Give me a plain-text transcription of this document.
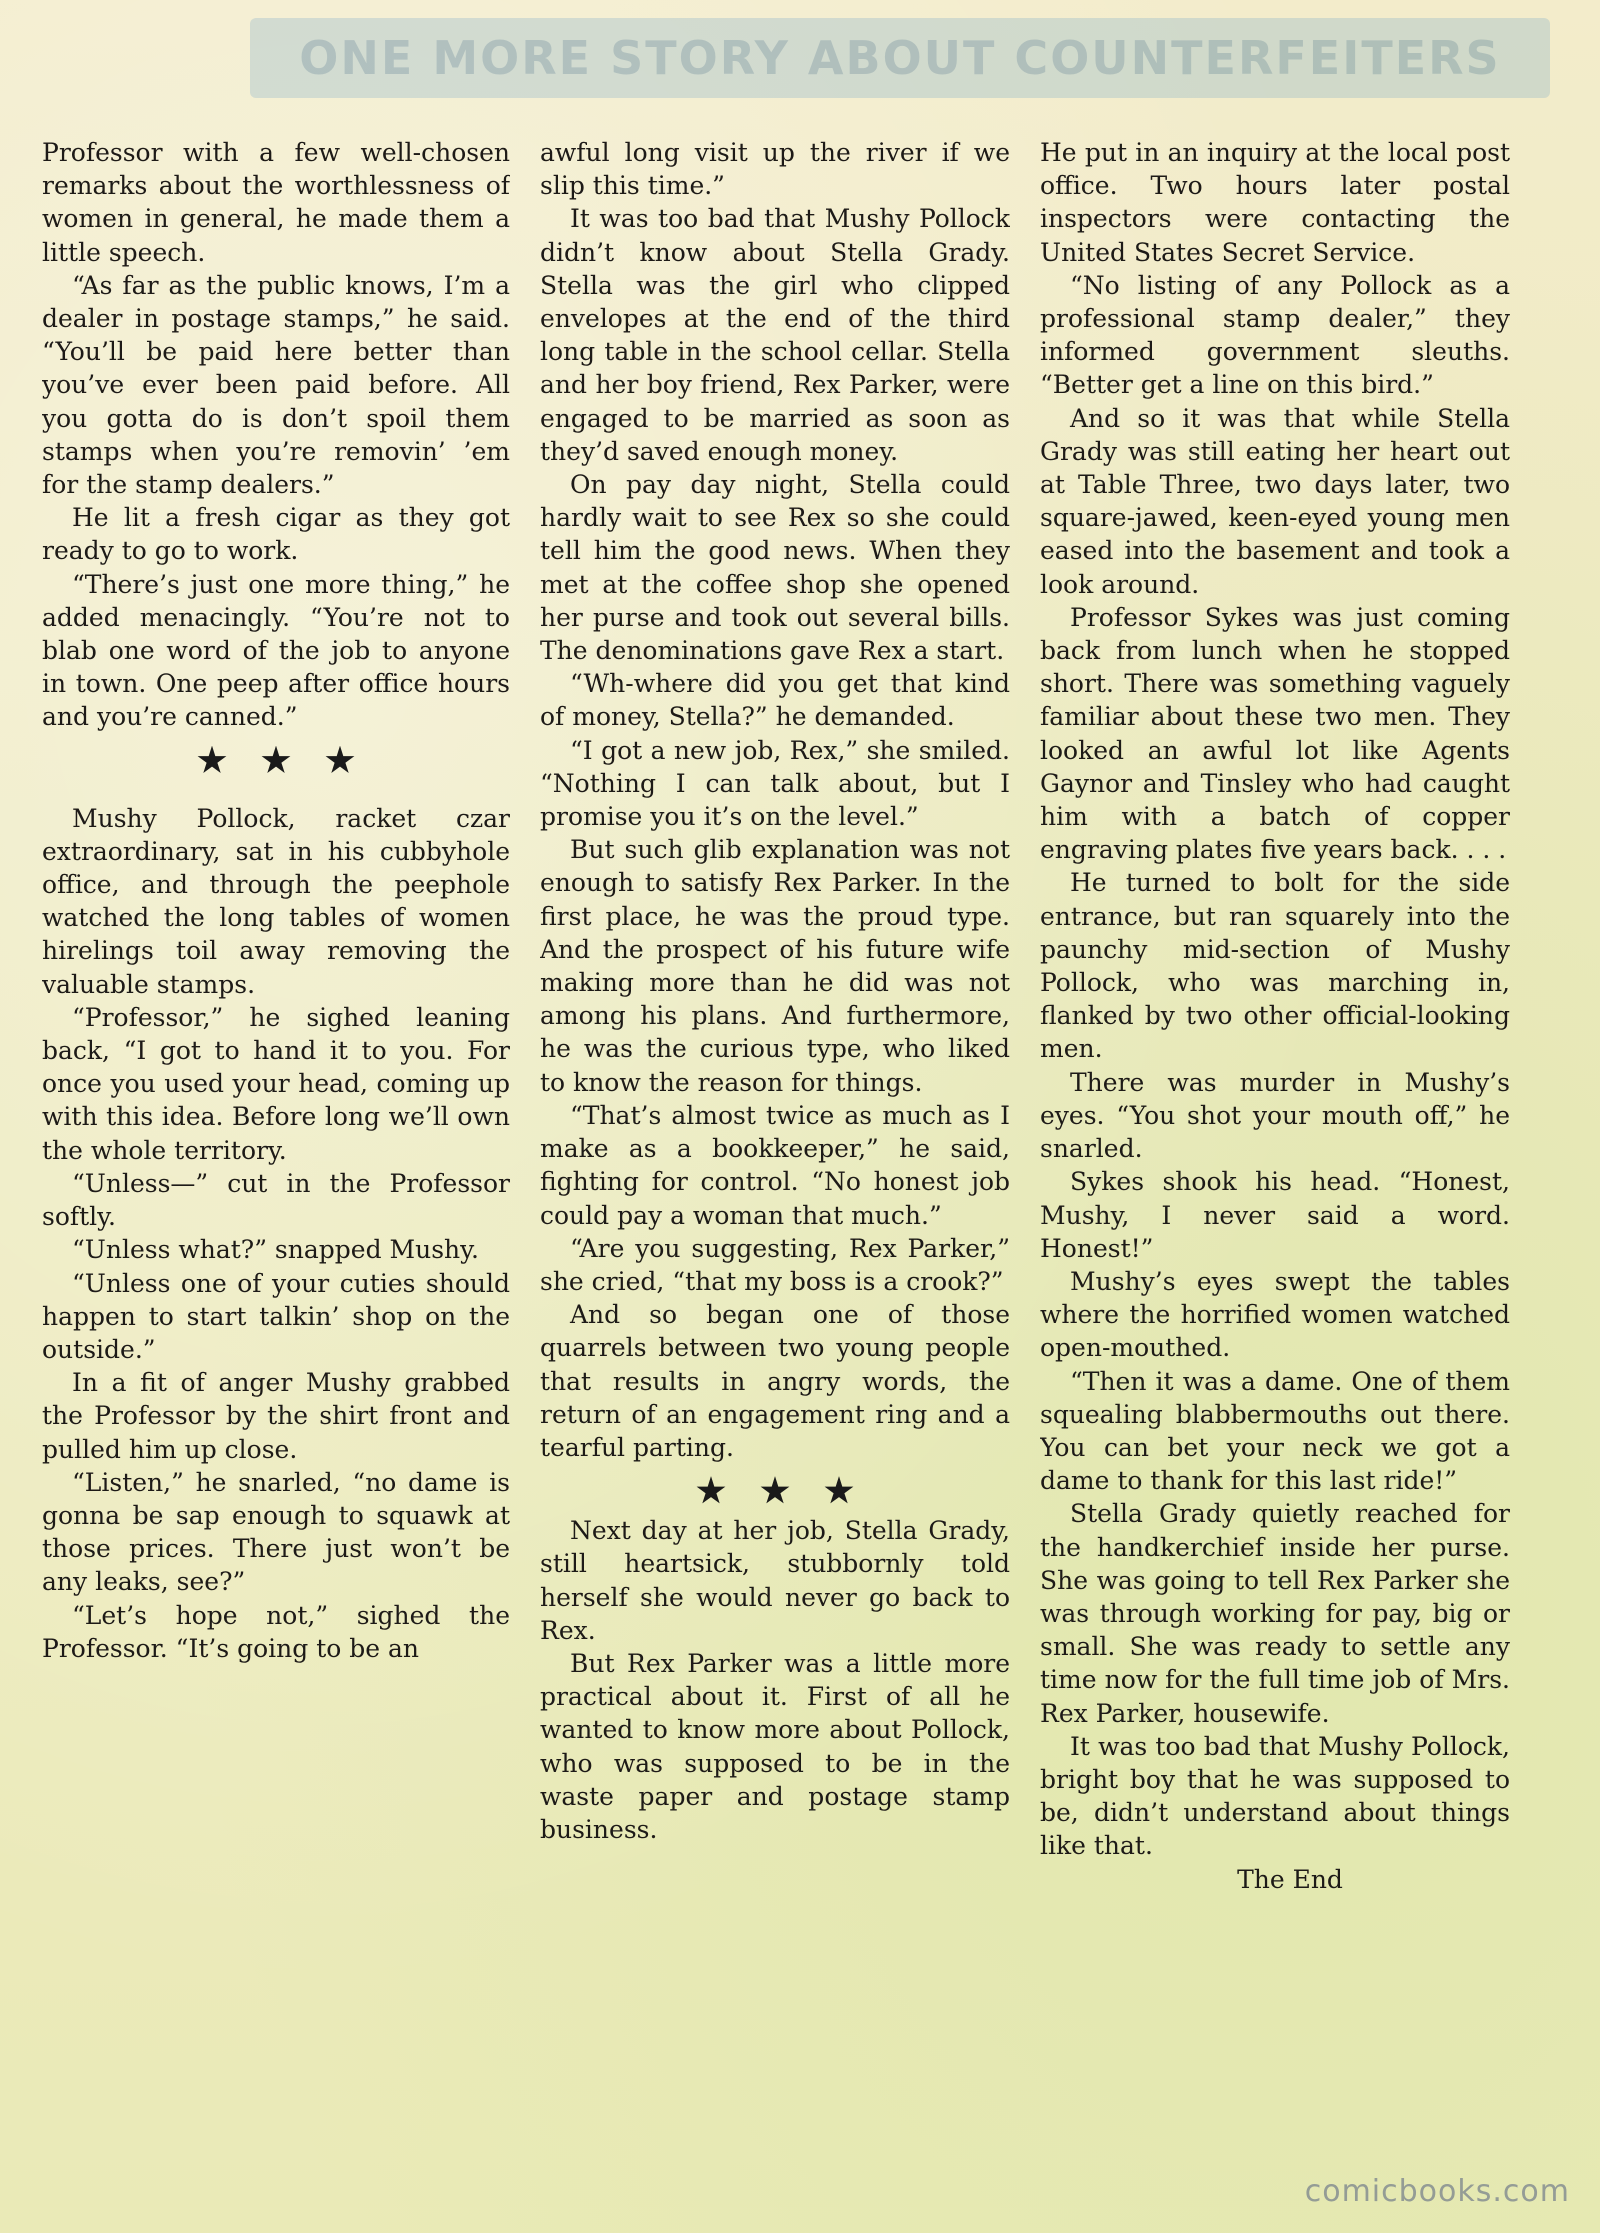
ONE MORE STORY ABOUT COUNTERFEITERS

Professor with a few well-chosen remarks about the worthlessness of women in general, he made them a little speech.

“As far as the public knows, I’m a dealer in postage stamps,” he said. “You’ll be paid here better than you’ve ever been paid before. All you gotta do is don’t spoil them stamps when you’re removin’ ’em for the stamp dealers.”

He lit a fresh cigar as they got ready to go to work.

“There’s just one more thing,” he added menacingly. “You’re not to blab one word of the job to anyone in town. One peep after office hours and you’re canned.”

Mushy Pollock, racket czar extraordinary, sat in his cubbyhole office, and through the peephole watched the long tables of women hirelings toil away removing the valuable stamps.

“Professor,” he sighed leaning back, “I got to hand it to you. For once you used your head, coming up with this idea. Before long we’ll own the whole territory.

“Unless—” cut in the Professor softly.

“Unless what?” snapped Mushy.

“Unless one of your cuties should happen to start talkin’ shop on the outside.”

In a fit of anger Mushy grabbed the Professor by the shirt front and pulled him up close.

“Listen,” he snarled, “no dame is gonna be sap enough to squawk at those prices. There just won’t be any leaks, see?”

“Let’s hope not,” sighed the Professor. “It’s going to be an

awful long visit up the river if we slip this time.”

It was too bad that Mushy Pollock didn’t know about Stella Grady. Stella was the girl who clipped envelopes at the end of the third long table in the school cellar. Stella and her boy friend, Rex Parker, were engaged to be married as soon as they’d saved enough money.

On pay day night, Stella could hardly wait to see Rex so she could tell him the good news. When they met at the coffee shop she opened her purse and took out several bills. The denominations gave Rex a start.

“Wh-where did you get that kind of money, Stella?” he demanded.

“I got a new job, Rex,” she smiled. “Nothing I can talk about, but I promise you it’s on the level.”

But such glib explanation was not enough to satisfy Rex Parker. In the first place, he was the proud type. And the prospect of his future wife making more than he did was not among his plans. And furthermore, he was the curious type, who liked to know the reason for things.

“That’s almost twice as much as I make as a bookkeeper,” he said, fighting for control. “No honest job could pay a woman that much.”

“Are you suggesting, Rex Parker,” she cried, “that my boss is a crook?”

And so began one of those quarrels between two young people that results in angry words, the return of an engagement ring and a tearful parting.

Next day at her job, Stella Grady, still heartsick, stubbornly told herself she would never go back to Rex.

But Rex Parker was a little more practical about it. First of all he wanted to know more about Pollock, who was supposed to be in the waste paper and postage stamp business.

He put in an inquiry at the local post office. Two hours later postal inspectors were contacting the United States Secret Service.

“No listing of any Pollock as a professional stamp dealer,” they informed government sleuths. “Better get a line on this bird.”

And so it was that while Stella Grady was still eating her heart out at Table Three, two days later, two square-jawed, keen-eyed young men eased into the basement and took a look around.

Professor Sykes was just coming back from lunch when he stopped short. There was something vaguely familiar about these two men. They looked an awful lot like Agents Gaynor and Tinsley who had caught him with a batch of copper engraving plates five years back. . . .

He turned to bolt for the side entrance, but ran squarely into the paunchy mid-section of Mushy Pollock, who was marching in, flanked by two other official-looking men.

There was murder in Mushy’s eyes. “You shot your mouth off,” he snarled.

Sykes shook his head. “Honest, Mushy, I never said a word. Honest!”

Mushy’s eyes swept the tables where the horrified women watched open-mouthed.

“Then it was a dame. One of them squealing blabbermouths out there. You can bet your neck we got a dame to thank for this last ride!”

Stella Grady quietly reached for the handkerchief inside her purse. She was going to tell Rex Parker she was through working for pay, big or small. She was ready to settle any time now for the full time job of Mrs. Rex Parker, housewife.

It was too bad that Mushy Pollock, bright boy that he was supposed to be, didn’t understand about things like that.

The End
comicbooks.com
